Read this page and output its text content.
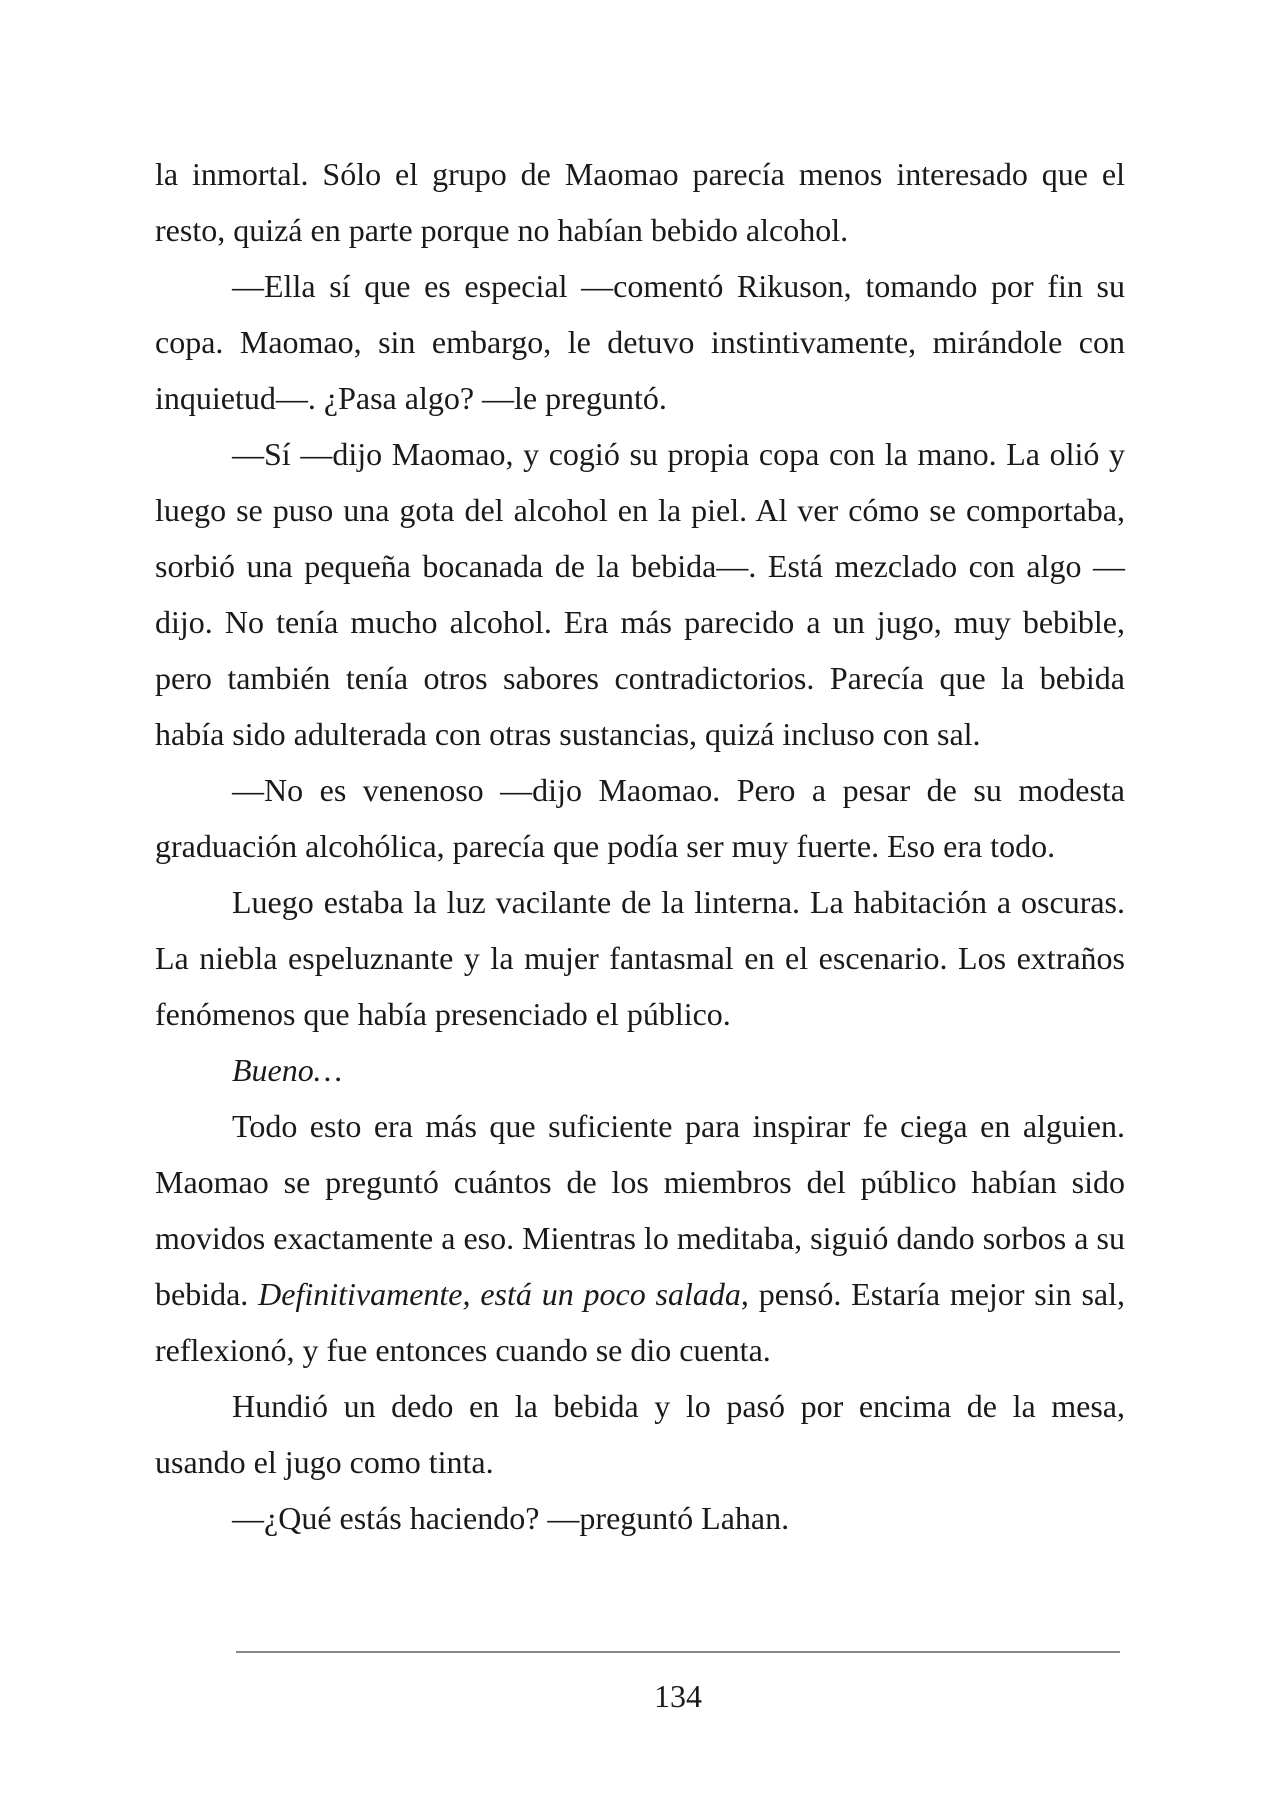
la inmortal. Sólo el grupo de Maomao parecía menos interesado que el resto, quizá en parte porque no habían bebido alcohol.

—Ella sí que es especial —comentó Rikuson, tomando por fin su copa. Maomao, sin embargo, le detuvo instintivamente, mirándole con inquietud—. ¿Pasa algo? —le preguntó.

—Sí —dijo Maomao, y cogió su propia copa con la mano. La olió y luego se puso una gota del alcohol en la piel. Al ver cómo se comportaba, sorbió una pequeña bocanada de la bebida—. Está mezclado con algo —dijo. No tenía mucho alcohol. Era más parecido a un jugo, muy bebible, pero también tenía otros sabores contradictorios. Parecía que la bebida había sido adulterada con otras sustancias, quizá incluso con sal.

—No es venenoso —dijo Maomao. Pero a pesar de su modesta graduación alcohólica, parecía que podía ser muy fuerte. Eso era todo.

Luego estaba la luz vacilante de la linterna. La habitación a oscuras. La niebla espeluznante y la mujer fantasmal en el escenario. Los extraños fenómenos que había presenciado el público.

Bueno…

Todo esto era más que suficiente para inspirar fe ciega en alguien. Maomao se preguntó cuántos de los miembros del público habían sido movidos exactamente a eso. Mientras lo meditaba, siguió dando sorbos a su bebida. Definitivamente, está un poco salada, pensó. Estaría mejor sin sal, reflexionó, y fue entonces cuando se dio cuenta.

Hundió un dedo en la bebida y lo pasó por encima de la mesa, usando el jugo como tinta.

—¿Qué estás haciendo? —preguntó Lahan.

134
